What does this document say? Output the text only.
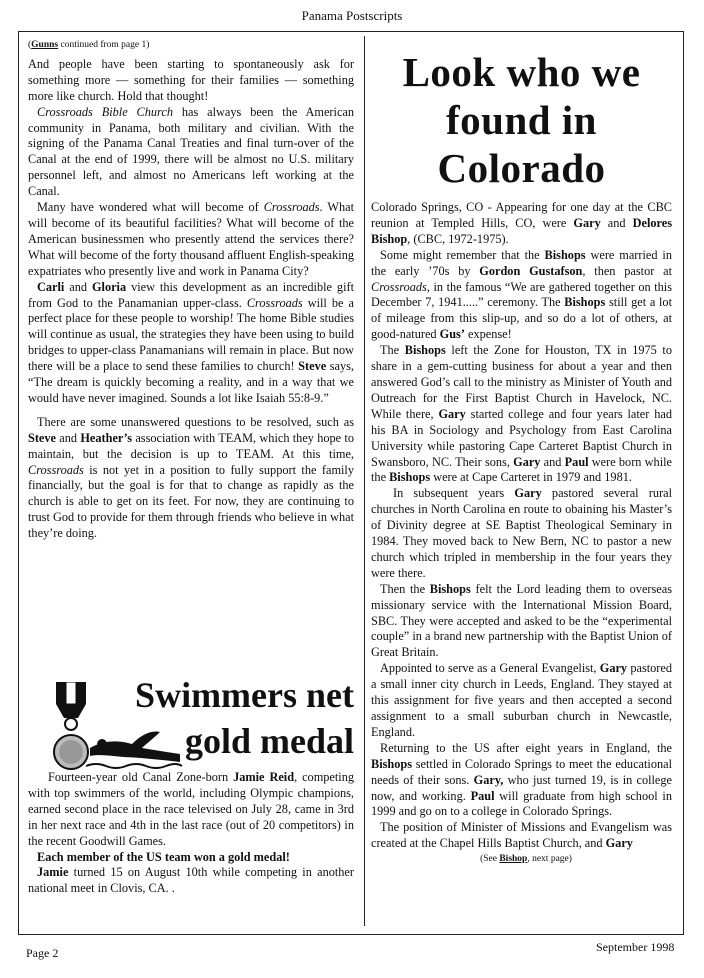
Panama Postscripts
(Gunns continued from page 1)

And people have been starting to spontaneously ask for something more — something for their families — something more like church. Hold that thought!

Crossroads Bible Church has always been the American community in Panama, both military and civilian. With the signing of the Panama Canal Treaties and final turn-over of the Canal at the end of 1999, there will be almost no U.S. military personnel left, and almost no Americans left working at the Canal.

Many have wondered what will become of Crossroads. What will become of its beautiful facilities? What will become of the American businessmen who presently attend the services there? What will become of the forty thousand affluent English-speaking expatriates who presently live and work in Panama City?

Carli and Gloria view this development as an incredible gift from God to the Panamanian upper-class. Crossroads will be a perfect place for these people to worship! The home Bible studies will continue as usual, the strategies they have been using to build bridges to upper-class Panamanians will remain in place. But now there will be a place to send these families to church! Steve says, “The dream is quickly becoming a reality, and in a way that we would have never imagined. Sounds a lot like Isaiah 55:8-9.”

There are some unanswered questions to be resolved, such as Steve and Heather’s association with TEAM, which they hope to maintain, but the decision is up to TEAM. At this time, Crossroads is not yet in a position to fully support the family financially, but the goal is for that to change as rapidly as the church is able to get on its feet. For now, they are continuing to trust God to provide for them through friends who believe in what they’re doing.

Swimmers net
gold medal

Fourteen-year old Canal Zone-born Jamie Reid, competing with top swimmers of the world, including Olympic champions, earned second place in the race televised on July 28, came in 3rd in her next race and 4th in the last race (out of 20 competitors) in the recent Goodwill Games.

Each member of the US team won a gold medal!

Jamie turned 15 on August 10th while competing in another national meet in Clovis, CA. .

Look who we
found in
Colorado

Colorado Springs, CO - Appearing for one day at the CBC reunion at Templed Hills, CO, were Gary and Delores Bishop, (CBC, 1972-1975).

Some might remember that the Bishops were married in the early ’70s by Gordon Gustafson, then pastor at Crossroads, in the famous “We are gathered together on this December 7, 1941.....” ceremony. The Bishops still get a lot of mileage from this slip-up, and so do a lot of others, at good-natured Gus’ expense!

The Bishops left the Zone for Houston, TX in 1975 to share in a gem-cutting business for about a year and then answered God’s call to the ministry as Minister of Youth and Outreach for the First Baptist Church in Havelock, NC. While there, Gary started college and four years later had his BA in Sociology and Psychology from East Carolina University while pastoring Cape Carteret Baptist Church in Swansboro, NC. Their sons, Gary and Paul were born while the Bishops were at Cape Carteret in 1979 and 1981.

In subsequent years Gary pastored several rural churches in North Carolina en route to obaining his Master’s of Divinity degree at SE Baptist Theological Seminary in 1984. They moved back to New Bern, NC to pastor a new church which tripled in membership in the four years they were there.

Then the Bishops felt the Lord leading them to overseas missionary service with the International Mission Board, SBC. They were accepted and asked to be the “experimental couple” in a brand new partnership with the Baptist Union of Great Britain.

Appointed to serve as a General Evangelist, Gary pastored a small inner city church in Leeds, England. They stayed at this assignment for five years and then accepted a second assignment to a small suburban church in Newcastle, England.

Returning to the US after eight years in England, the Bishops settled in Colorado Springs to meet the educational needs of their sons. Gary, who just turned 19, is in college now, and working. Paul will graduate from high school in 1999 and go on to a college in Colorado Springs.

The position of Minister of Missions and Evangelism was created at the Chapel Hills Baptist Church, and Gary

(See Bishop, next page)

Page 2	September 1998
